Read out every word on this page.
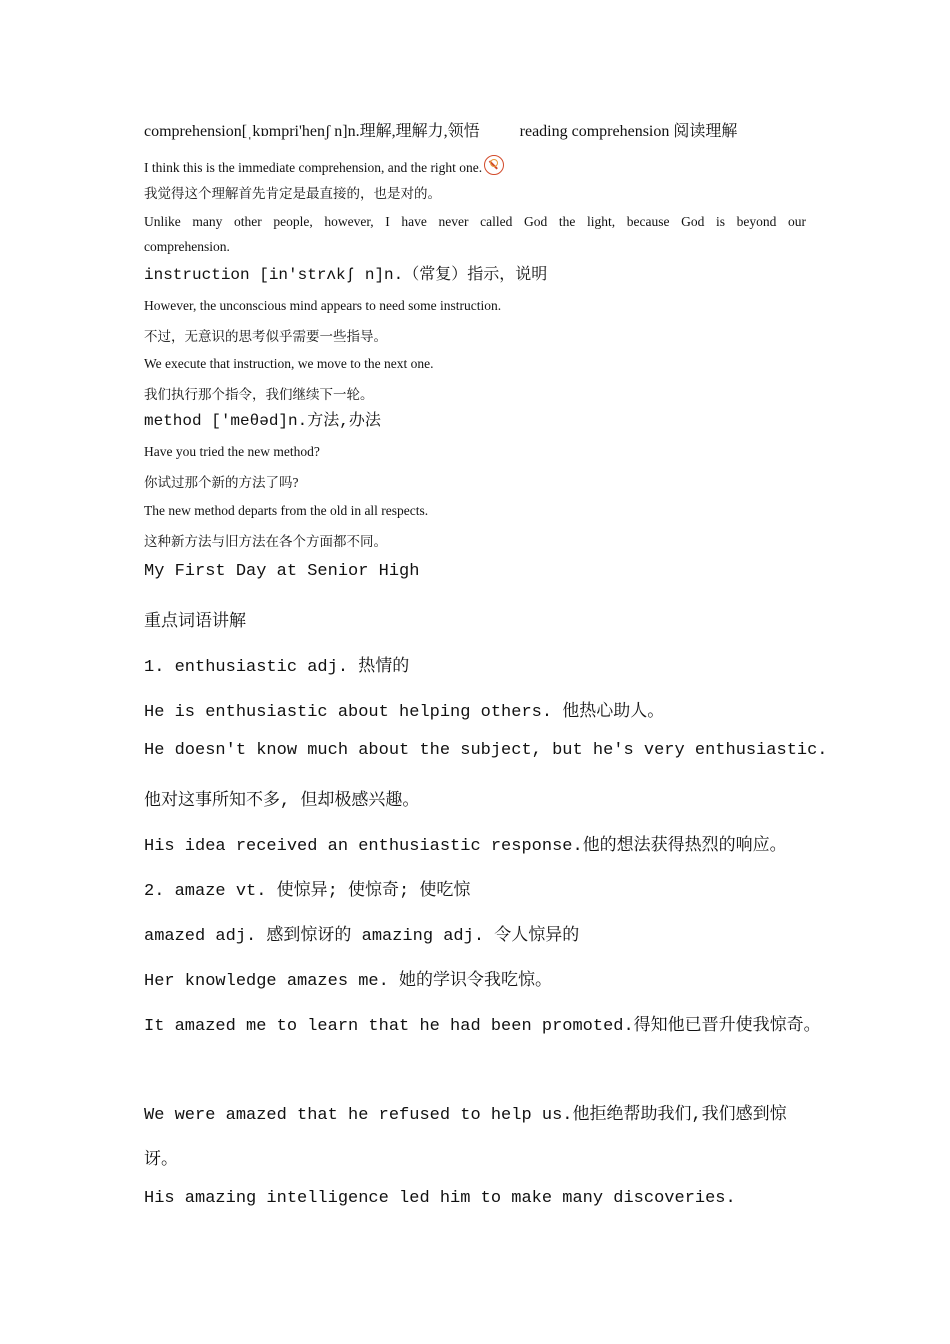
comprehension[ˌkɒmpri'henʃ n]n.理解,理解力,领悟	reading comprehension 阅读理解

I think this is the immediate comprehension, and the right one.

我觉得这个理解首先肯定是最直接的，也是对的。

Unlike many other people, however, I have never called God the light, because God is beyond our

comprehension.

instruction [in'strʌkʃ n]n.（常复）指示，说明

However, the unconscious mind appears to need some instruction.

不过，无意识的思考似乎需要一些指导。

We execute that instruction, we move to the next one.

我们执行那个指令，我们继续下一轮。

method ['meθəd]n.方法,办法

Have you tried the new method?

你试过那个新的方法了吗?

The new method departs from the old in all respects.

这种新方法与旧方法在各个方面都不同。

My First Day at Senior High

重点词语讲解

1. enthusiastic adj. 热情的

He is enthusiastic about helping others. 他热心助人。

He doesn't know much about the subject, but he's very enthusiastic.

他对这事所知不多, 但却极感兴趣。

His idea received an enthusiastic response.他的想法获得热烈的响应。

2. amaze vt. 使惊异; 使惊奇; 使吃惊

amazed adj. 感到惊讶的 amazing adj. 令人惊异的

Her knowledge amazes me. 她的学识令我吃惊。

It amazed me to learn that he had been promoted.得知他已晋升使我惊奇。

We were amazed that he refused to help us.他拒绝帮助我们,我们感到惊

讶。

His amazing intelligence led him to make many discoveries.
